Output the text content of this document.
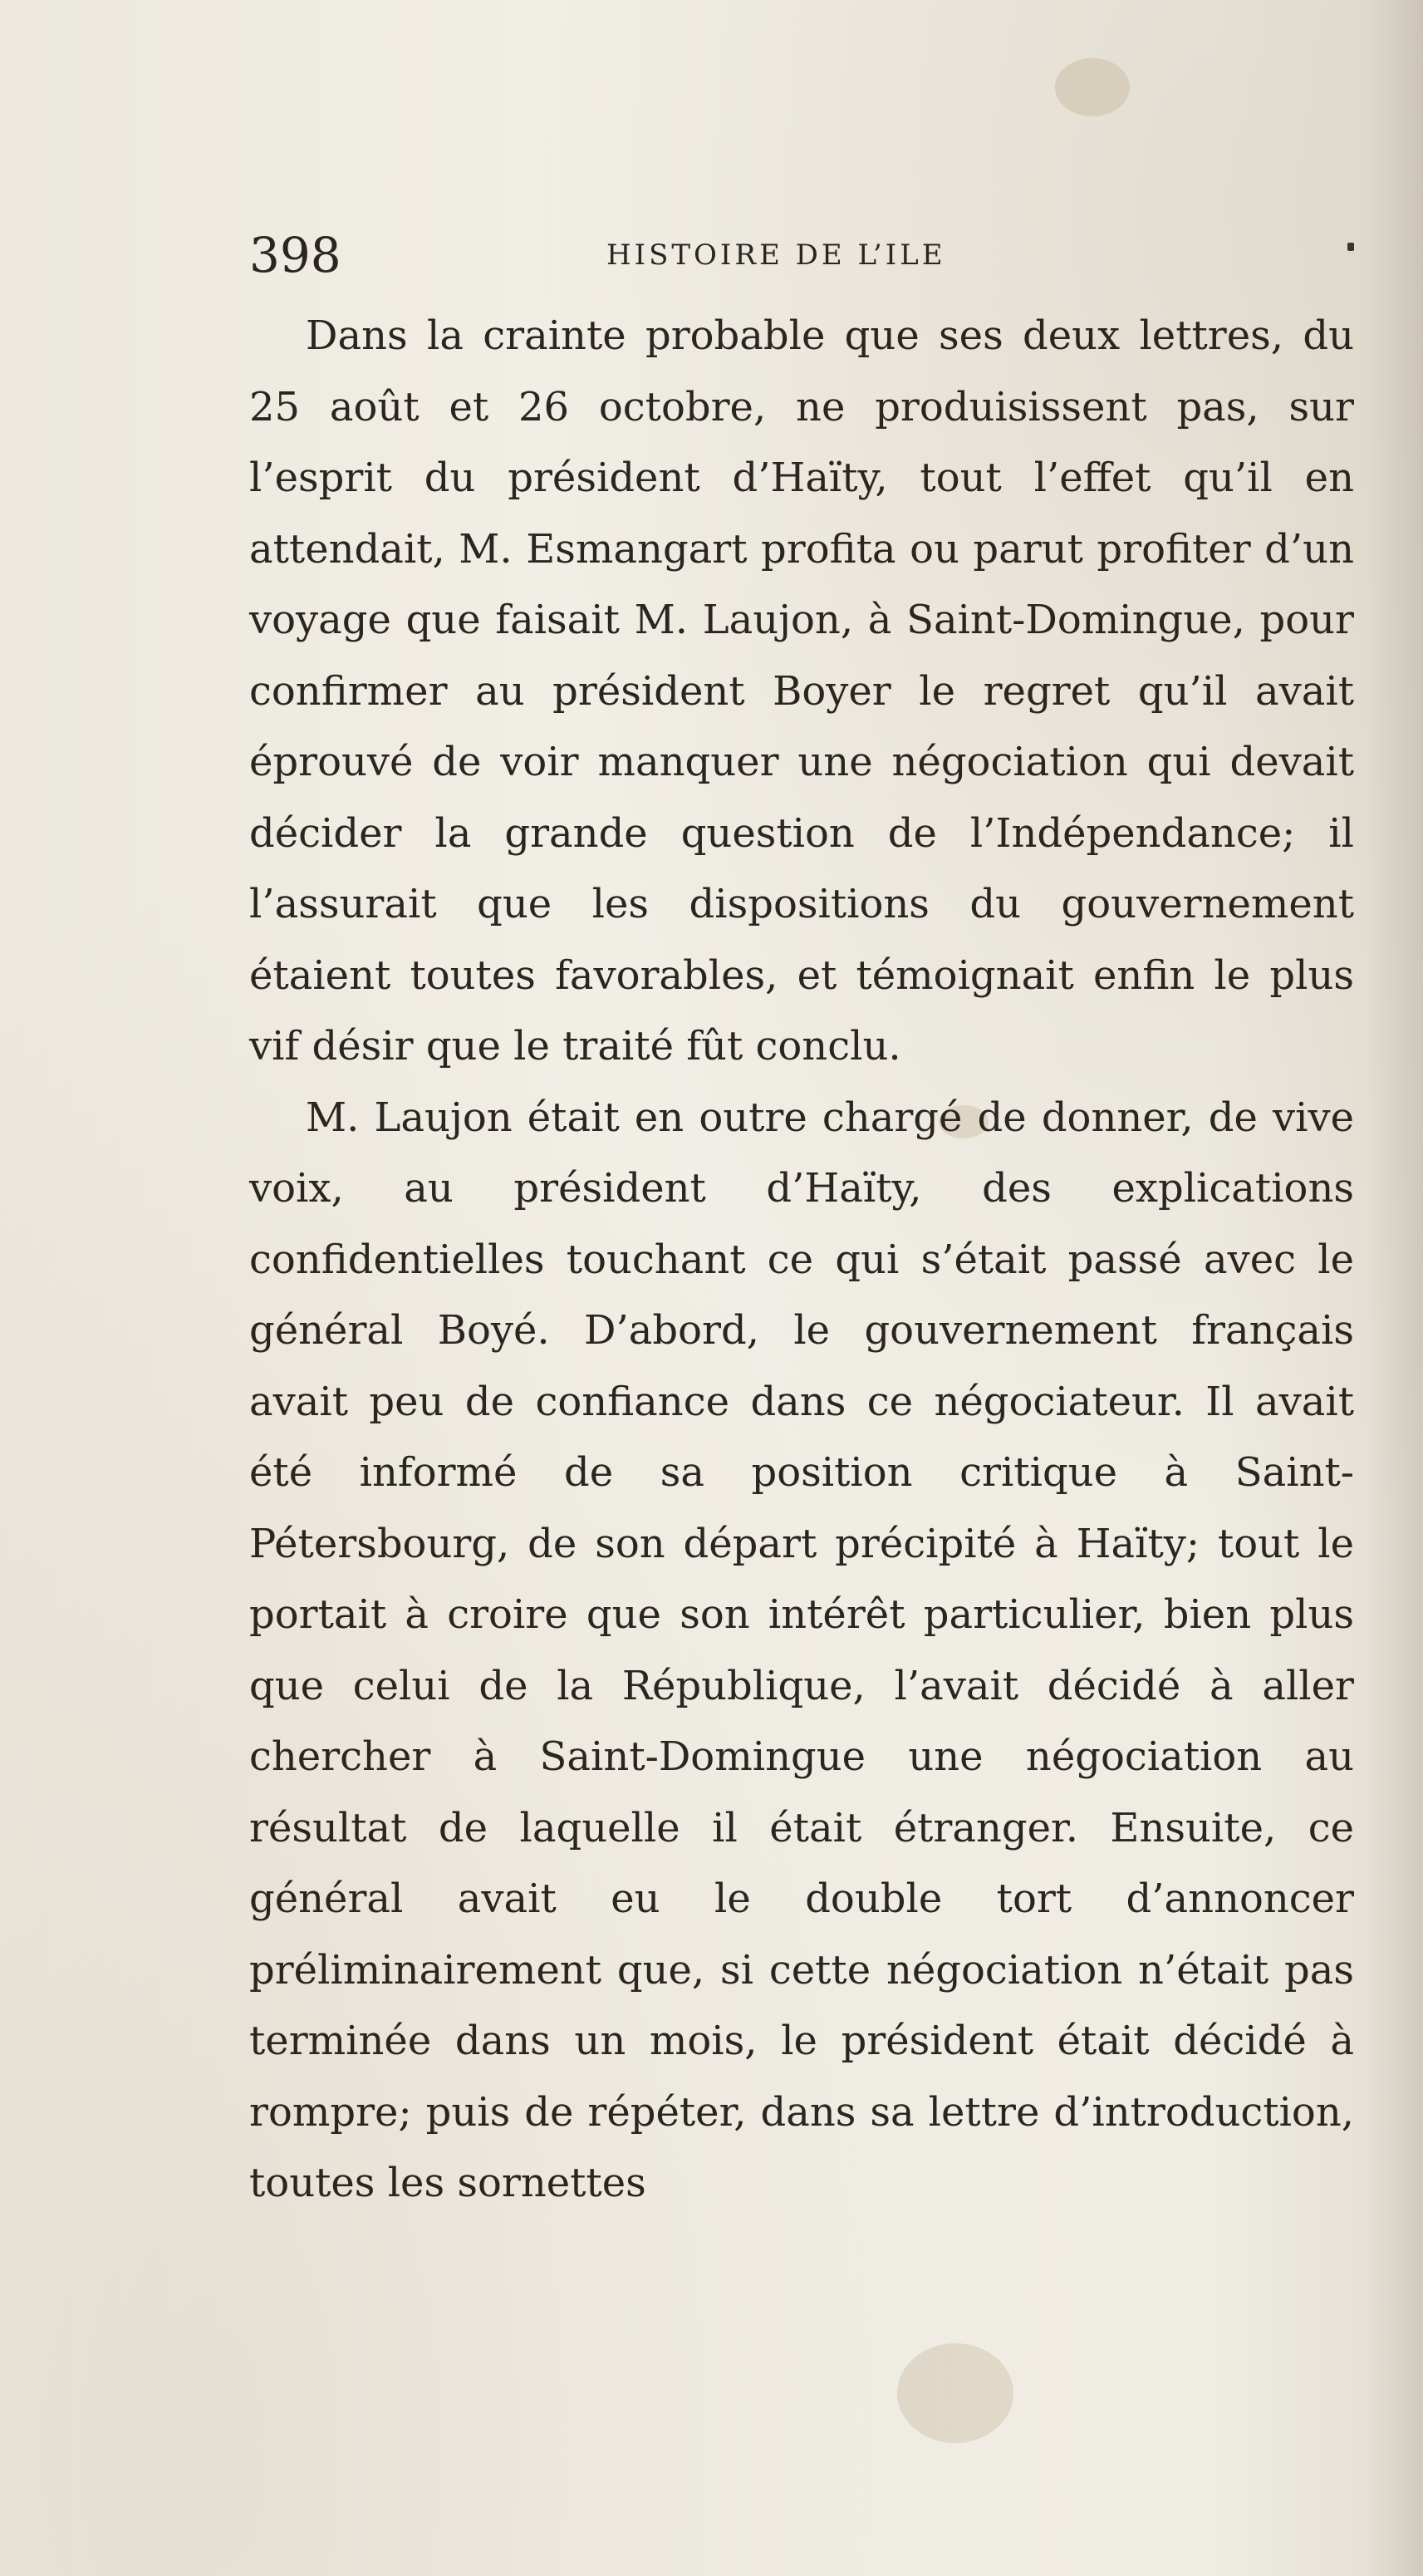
398	HISTOIRE DE L’ILE

Dans la crainte probable que ses deux lettres, du 25 août et 26 octobre, ne produisissent pas, sur l’esprit du président d’Haïty, tout l’effet qu’il en attendait, M. Esmangart profita ou parut profiter d’un voyage que faisait M. Laujon, à Saint-Domingue, pour confirmer au président Boyer le regret qu’il avait éprouvé de voir manquer une négociation qui devait décider la grande question de l’Indépendance; il l’assurait que les dispositions du gouvernement étaient toutes favorables, et témoignait enfin le plus vif désir que le traité fût conclu.

M. Laujon était en outre chargé de donner, de vive voix, au président d’Haïty, des explications confidentielles touchant ce qui s’était passé avec le général Boyé. D’abord, le gouvernement français avait peu de confiance dans ce négociateur. Il avait été informé de sa position critique à Saint-Pétersbourg, de son départ précipité à Haïty; tout le portait à croire que son intérêt particulier, bien plus que celui de la République, l’avait décidé à aller chercher à Saint-Domingue une négociation au résultat de laquelle il était étranger. Ensuite, ce général avait eu le double tort d’annoncer préliminairement que, si cette négociation n’était pas terminée dans un mois, le président était décidé à rompre; puis de répéter, dans sa lettre d’introduction, toutes les sornettes
